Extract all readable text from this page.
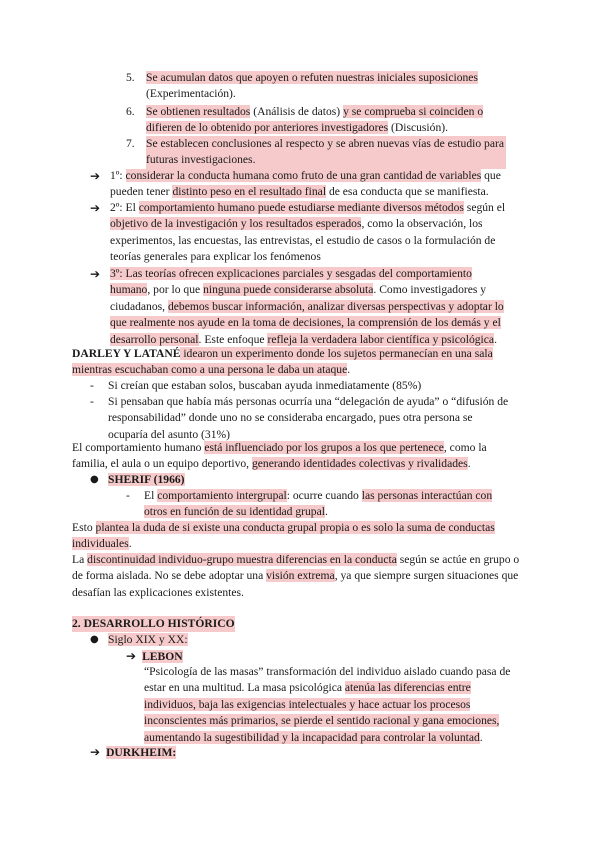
5. Se acumulan datos que apoyen o refuten nuestras iniciales suposiciones
(Experimentación).
6. Se obtienen resultados (Análisis de datos) y se comprueba si coinciden o difieren de lo obtenido por anteriores investigadores (Discusión).
7. Se establecen conclusiones al respecto y se abren nuevas vías de estudio para futuras investigaciones.
➔ 1º: considerar la conducta humana como fruto de una gran cantidad de variables que pueden tener distinto peso en el resultado final de esa conducta que se manifiesta.
➔ 2º: El comportamiento humano puede estudiarse mediante diversos métodos según el objetivo de la investigación y los resultados esperados, como la observación, los experimentos, las encuestas, las entrevistas, el estudio de casos o la formulación de teorías generales para explicar los fenómenos
➔ 3º: Las teorías ofrecen explicaciones parciales y sesgadas del comportamiento humano, por lo que ninguna puede considerarse absoluta. Como investigadores y ciudadanos, debemos buscar información, analizar diversas perspectivas y adoptar lo que realmente nos ayude en la toma de decisiones, la comprensión de los demás y el desarrollo personal. Este enfoque refleja la verdadera labor científica y psicológica.
DARLEY Y LATANÉ idearon un experimento donde los sujetos permanecían en una sala mientras escuchaban como a una persona le daba un ataque.
- Si creían que estaban solos, buscaban ayuda inmediatamente (85%)
- Si pensaban que había más personas ocurría una “delegación de ayuda” o “difusión de responsabilidad” donde uno no se consideraba encargado, pues otra persona se ocuparía del asunto (31%)
El comportamiento humano está influenciado por los grupos a los que pertenece, como la familia, el aula o un equipo deportivo, generando identidades colectivas y rivalidades.
● SHERIF (1966)
- El comportamiento intergrupal: ocurre cuando las personas interactúan con otros en función de su identidad grupal.
Esto plantea la duda de si existe una conducta grupal propia o es solo la suma de conductas individuales.
La discontinuidad individuo-grupo muestra diferencias en la conducta según se actúe en grupo o de forma aislada. No se debe adoptar una visión extrema, ya que siempre surgen situaciones que desafían las explicaciones existentes.
2. DESARROLLO HISTÓRICO
● Siglo XIX y XX:
➔ LEBON
“Psicología de las masas” transformación del individuo aislado cuando pasa de estar en una multitud. La masa psicológica atenúa las diferencias entre individuos, baja las exigencias intelectuales y hace actuar los procesos inconscientes más primarios, se pierde el sentido racional y gana emociones, aumentando la sugestibilidad y la incapacidad para controlar la voluntad.
➔ DURKHEIM:
